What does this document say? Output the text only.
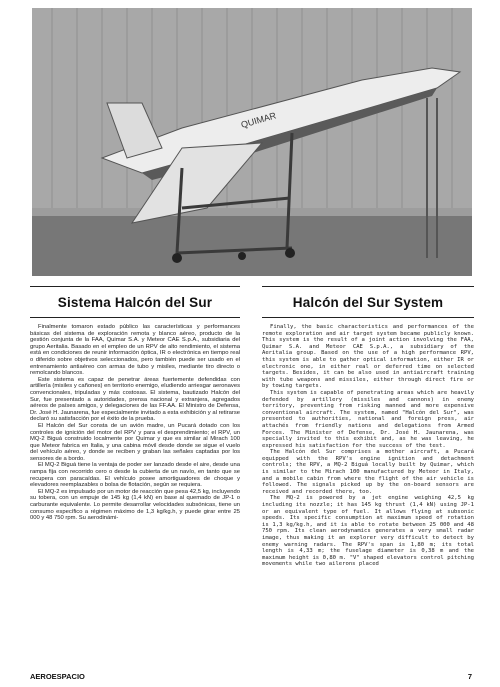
QUIMAR
Sistema Halcón del Sur

Finalmente tomaron estado público las características y performances básicas del sistema de exploración remota y blanco aéreo, producto de la gestión conjunta de la FAA, Quimar S.A. y Meteor CAE S.p.A., subsidiaria del grupo Aeritalia. Basado en el empleo de un RPV de alto rendimiento, el sistema está en condiciones de reunir información óptica, IR o electrónica en tiempo real o diferido sobre objetivos seleccionados, pero también puede ser usado en el entrenamiento antiaéreo con armas de tubo y misiles, mediante tiro directo o remolcando blancos.

Este sistema es capaz de penetrar áreas fuertemente defendidas con artillería (misiles y cañones) en territorio enemigo, eludiendo arriesgar aeronaves convencionales, tripuladas y más costosas. El sistema, bautizado Halcón del Sur, fue presentado a autoridades, prensa nacional y extranjera, agregados aéreos de países amigos, y delegaciones de las FF.AA. El Ministro de Defensa, Dr. José H. Jaunarena, fue especialmente invitado a esta exhibición y al retirarse declaró su satisfacción por el éxito de la prueba.

El Halcón del Sur consta de un avión madre, un Pucará dotado con los controles de ignición del motor del RPV y para el desprendimiento; el RPV, un MQ-2 Biguá construido localmente por Quimar y que es similar al Mirach 100 que Meteor fabrica en Italia, y una cabina móvil desde donde se sigue el vuelo del vehículo aéreo, y donde se reciben y graban las señales captadas por los sensores de a bordo.

El MQ-2 Biguá tiene la ventaja de poder ser lanzado desde el aire, desde una rampa fija con recorrido cero o desde la cubierta de un navío, en tanto que se recupera con paracaídas. El vehículo posee amortiguadores de choque y elevadores reemplazables o bolsa de flotación, según se requiera.

El MQ-2 es impulsado por un motor de reacción que pesa 42,5 kg, incluyendo su tobera, con un empuje de 145 kg (1,4 kN) en base al quemado de JP-1 o carburante equivalente. Lo permite desarrollar velocidades subsónicas, tiene un consumo específico a régimen máximo de 1,3 kg/kg.h, y puede girar entre 25 000 y 48 750 rpm. Su aerodinámi-

Halcón del Sur System

Finally, the basic characteristics and performances of the remote exploration and air target system became publicly known. This system is the result of a joint action involving the FAA, Quimar S.A. and Meteor CAE S.p.A., a subsidiary of the Aeritalia group. Based on the use of a high performance RPV, this system is able to gather optical information, either IR or electronic one, in either real or deferred time on selected targets. Besides, it can be also used in antiaircraft training with tube weapons and missiles, either through direct fire or by towing targets.

This system is capable of penetrating areas which are heavily defended by artillery (missiles and cannons) in enemy territory, preventing from risking manned and more expensive conventional aircraft. The system, named "Halcón del Sur", was presented to authorities, national and foreign press, air attachés from friendly nations and delegations from Armed Forces. The Minister of Defense, Dr. José H. Jaunarena, was specially invited to this exhibit and, as he was leaving, he expressed his satisfaction for the success of the test.

The Halcón del Sur comprises a mother aircraft, a Pucará equipped with the RPV's engine ignition and detachment controls; the RPV, a MQ-2 Biguá locally built by Quimar, which is similar to the Mirach 100 manufactured by Meteor in Italy, and a mobile cabin from where the flight of the air vehicle is followed. The signals picked up by the on-board sensors are received and recorded there, too.

The MQ-2 is powered by a jet engine weighing 42,5 kg including its nozzle; it has 145 kg thrust (1,4 kN) using JP-1 or an equivalent type of fuel. It allows flying at subsonic speeds. Its specific consumption at maximum speed of rotation is 1,3 kg/kg.h, and it is able to rotate between 25 000 and 48 750 rpm. Its clean aerodynamics generates a very small radar image, thus making it an explorer very difficult to detect by enemy warning radars. The RPV's span is 1,80 m; its total length is 4,33 m; the fuselage diameter is 0,38 m and the maximum height is 0,80 m. "V" shaped elevators control pitching movements while two ailerons placed

AEROESPACIO	7
